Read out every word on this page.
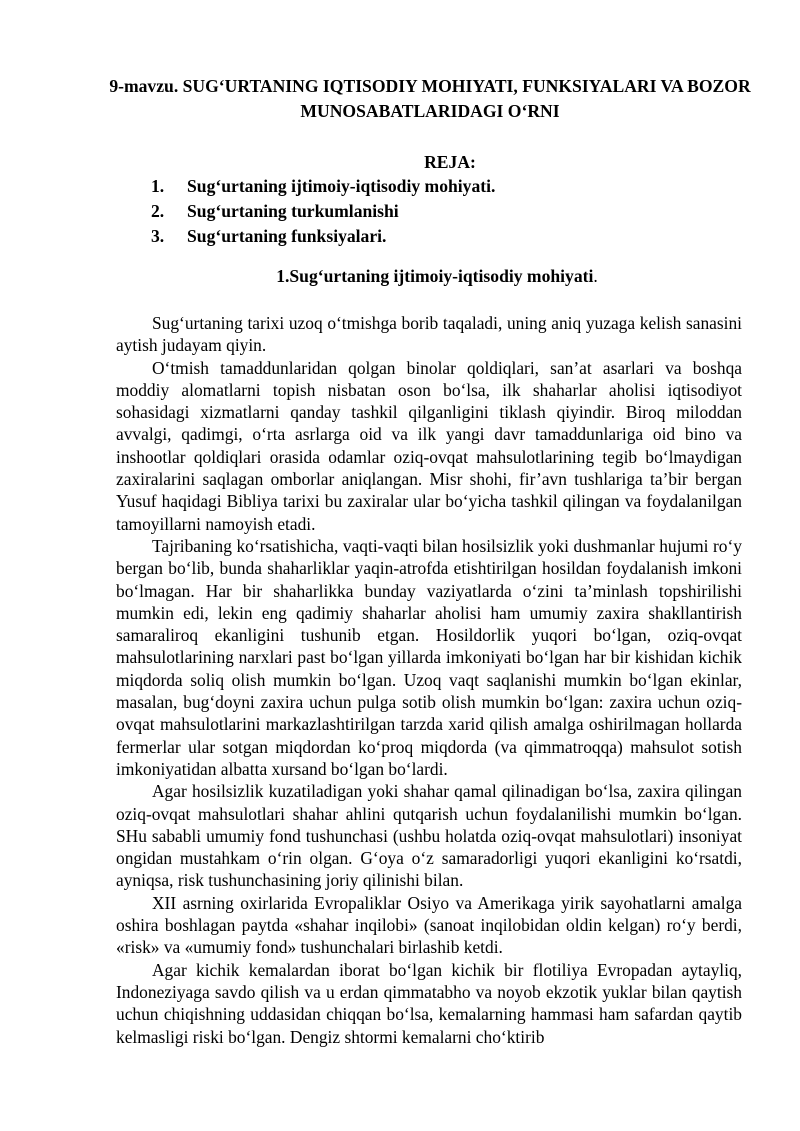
9-mavzu. SUG‘URTANING IQTISODIY MOHIYATI, FUNKSIYALARI VA BOZOR MUNOSABATLARIDAGI O‘RNI
REJA:
1. Sug‘urtaning ijtimoiy-iqtisodiy mohiyati.
2. Sug‘urtaning turkumlanishi
3. Sug‘urtaning funksiyalari.
1.Sug‘urtaning ijtimoiy-iqtisodiy mohiyati.

Sug‘urtaning tarixi uzoq o‘tmishga borib taqaladi, uning aniq yuzaga kelish sanasini aytish judayam qiyin.

O‘tmish tamaddunlaridan qolgan binolar qoldiqlari, san’at asarlari va boshqa moddiy alomatlarni topish nisbatan oson bo‘lsa, ilk shaharlar aholisi iqtisodiyot sohasidagi xizmatlarni qanday tashkil qilganligini tiklash qiyindir. Biroq miloddan avvalgi, qadimgi, o‘rta asrlarga oid va ilk yangi davr tamaddunlariga oid bino va inshootlar qoldiqlari orasida odamlar oziq-ovqat mahsulotlarining tegib bo‘lmaydigan zaxiralarini saqlagan omborlar aniqlangan. Misr shohi, fir’avn tushlariga ta’bir bergan Yusuf haqidagi Bibliya tarixi bu zaxiralar ular bo‘yicha tashkil qilingan va foydalanilgan tamoyillarni namoyish etadi.

Tajribaning ko‘rsatishicha, vaqti-vaqti bilan hosilsizlik yoki dushmanlar hujumi ro‘y bergan bo‘lib, bunda shaharliklar yaqin-atrofda etishtirilgan hosildan foydalanish imkoni bo‘lmagan. Har bir shaharlikka bunday vaziyatlarda o‘zini ta’minlash topshirilishi mumkin edi, lekin eng qadimiy shaharlar aholisi ham umumiy zaxira shakllantirish samaraliroq ekanligini tushunib etgan. Hosildorlik yuqori bo‘lgan, oziq-ovqat mahsulotlarining narxlari past bo‘lgan yillarda imkoniyati bo‘lgan har bir kishidan kichik miqdorda soliq olish mumkin bo‘lgan. Uzoq vaqt saqlanishi mumkin bo‘lgan ekinlar, masalan, bug‘doyni zaxira uchun pulga sotib olish mumkin bo‘lgan: zaxira uchun oziq-ovqat mahsulotlarini markazlashtirilgan tarzda xarid qilish amalga oshirilmagan hollarda fermerlar ular sotgan miqdordan ko‘proq miqdorda (va qimmatroqqa) mahsulot sotish imkoniyatidan albatta xursand bo‘lgan bo‘lardi.

Agar hosilsizlik kuzatiladigan yoki shahar qamal qilinadigan bo‘lsa, zaxira qilingan oziq-ovqat mahsulotlari shahar ahlini qutqarish uchun foydalanilishi mumkin bo‘lgan. SHu sababli umumiy fond tushunchasi (ushbu holatda oziq-ovqat mahsulotlari) insoniyat ongidan mustahkam o‘rin olgan. G‘oya o‘z samaradorligi yuqori ekanligini ko‘rsatdi, ayniqsa, risk tushunchasining joriy qilinishi bilan.

XII asrning oxirlarida Evropaliklar Osiyo va Amerikaga yirik sayohatlarni amalga oshira boshlagan paytda «shahar inqilobi» (sanoat inqilobidan oldin kelgan) ro‘y berdi, «risk» va «umumiy fond» tushunchalari birlashib ketdi.

Agar kichik kemalardan iborat bo‘lgan kichik bir flotiliya Evropadan aytayliq, Indoneziyaga savdo qilish va u erdan qimmatabho va noyob ekzotik yuklar bilan qaytish uchun chiqishning uddasidan chiqqan bo‘lsa, kemalarning hammasi ham safardan qaytib kelmasligi riski bo‘lgan. Dengiz shtormi kemalarni cho‘ktirib
